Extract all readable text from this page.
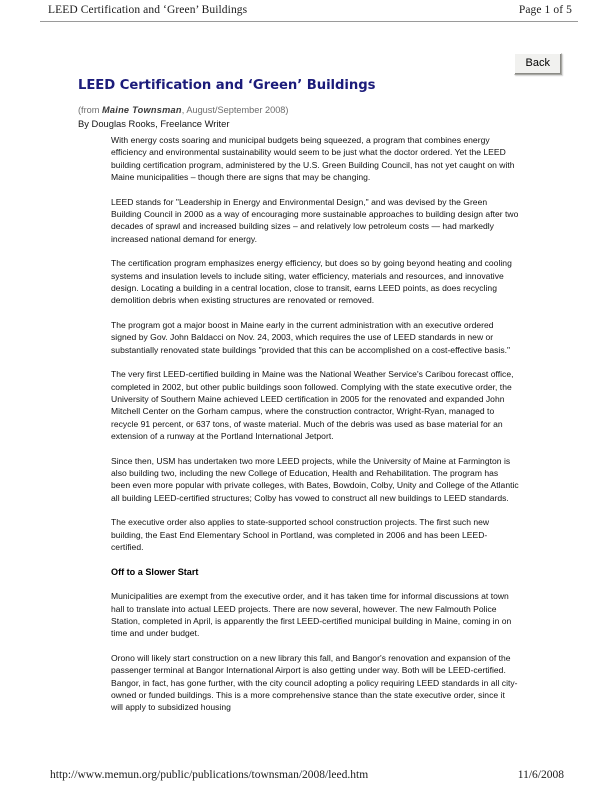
LEED Certification and ‘Green’ Buildings	Page 1 of 5
Back
LEED Certification and ‘Green’ Buildings

(from Maine Townsman, August/September 2008)

By Douglas Rooks, Freelance Writer

With energy costs soaring and municipal budgets being squeezed, a program that combines energy efficiency and environmental sustainability would seem to be just what the doctor ordered. Yet the LEED building certification program, administered by the U.S. Green Building Council, has not yet caught on with Maine municipalities – though there are signs that may be changing.

LEED stands for "Leadership in Energy and Environmental Design," and was devised by the Green Building Council in 2000 as a way of encouraging more sustainable approaches to building design after two decades of sprawl and increased building sizes – and relatively low petroleum costs — had markedly increased national demand for energy.

The certification program emphasizes energy efficiency, but does so by going beyond heating and cooling systems and insulation levels to include siting, water efficiency, materials and resources, and innovative design. Locating a building in a central location, close to transit, earns LEED points, as does recycling demolition debris when existing structures are renovated or removed.

The program got a major boost in Maine early in the current administration with an executive ordered signed by Gov. John Baldacci on Nov. 24, 2003, which requires the use of LEED standards in new or substantially renovated state buildings "provided that this can be accomplished on a cost-effective basis."

The very first LEED-certified building in Maine was the National Weather Service's Caribou forecast office, completed in 2002, but other public buildings soon followed. Complying with the state executive order, the University of Southern Maine achieved LEED certification in 2005 for the renovated and expanded John Mitchell Center on the Gorham campus, where the construction contractor, Wright-Ryan, managed to recycle 91 percent, or 637 tons, of waste material. Much of the debris was used as base material for an extension of a runway at the Portland International Jetport.

Since then, USM has undertaken two more LEED projects, while the University of Maine at Farmington is also building two, including the new College of Education, Health and Rehabilitation. The program has been even more popular with private colleges, with Bates, Bowdoin, Colby, Unity and College of the Atlantic all building LEED-certified structures; Colby has vowed to construct all new buildings to LEED standards.

The executive order also applies to state-supported school construction projects. The first such new building, the East End Elementary School in Portland, was completed in 2006 and has been LEED-certified.

Off to a Slower Start

Municipalities are exempt from the executive order, and it has taken time for informal discussions at town hall to translate into actual LEED projects. There are now several, however. The new Falmouth Police Station, completed in April, is apparently the first LEED-certified municipal building in Maine, coming in on time and under budget.

Orono will likely start construction on a new library this fall, and Bangor's renovation and expansion of the passenger terminal at Bangor International Airport is also getting under way. Both will be LEED-certified. Bangor, in fact, has gone further, with the city council adopting a policy requiring LEED standards in all city-owned or funded buildings. This is a more comprehensive stance than the state executive order, since it will apply to subsidized housing

http://www.memun.org/public/publications/townsman/2008/leed.htm	11/6/2008
